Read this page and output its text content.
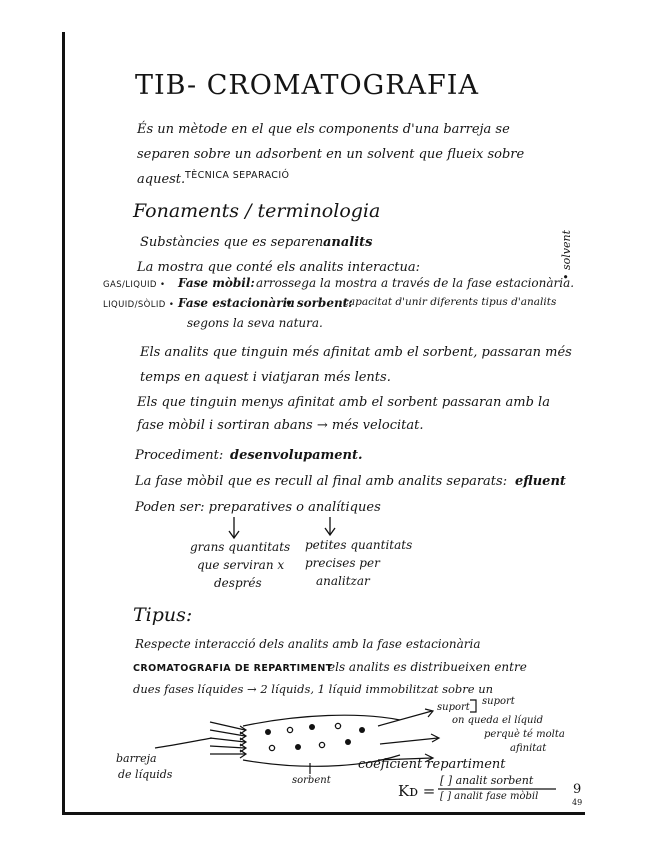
TIB- CROMATOGRAFIA
És un mètode en el que els components d'una barreja se
separen sobre un adsorbent en un solvent que flueix sobre
aquest. TÈCNICA SEPARACIÓ
Fonaments / terminologia
Substàncies que es separen:
analits
La mostra que conté els analits interactua:
GAS/LIQUID • Fase mòbil: arrossega la mostra a través de la fase estacionària.
LIQUID/SÒLID • Fase estacionària
• sorbent:
capacitat d'unir diferents tipus d'analits
segons la seva natura.
• solvent
Els analits que tinguin més afinitat amb el sorbent, passaran més
temps en aquest i viatjaran més lents.
Els que tinguin menys afinitat amb el sorbent passaran amb la
fase mòbil i sortiran abans → més velocitat.
Procediment: desenvolupament.
La fase mòbil que es recull al final amb analits separats: efluent
Poden ser: preparatives o analítiques
grans quantitats
que serviran x
després
petites quantitats
precises per
analitzar
Tipus:
Respecte interacció dels analits amb la fase estacionària
CROMATOGRAFIA DE REPARTIMENT
els analits es distribueixen entre
dues fases líquides → 2 líquids, 1 líquid immobilitzat sobre un
suport
suport
on queda el líquid
perquè té molta
afinitat
barreja
de líquids	sorbent
coeficient repartiment
Kᴅ =
[ ] analit sorbent
[ ] analit fase mòbil	9
49
